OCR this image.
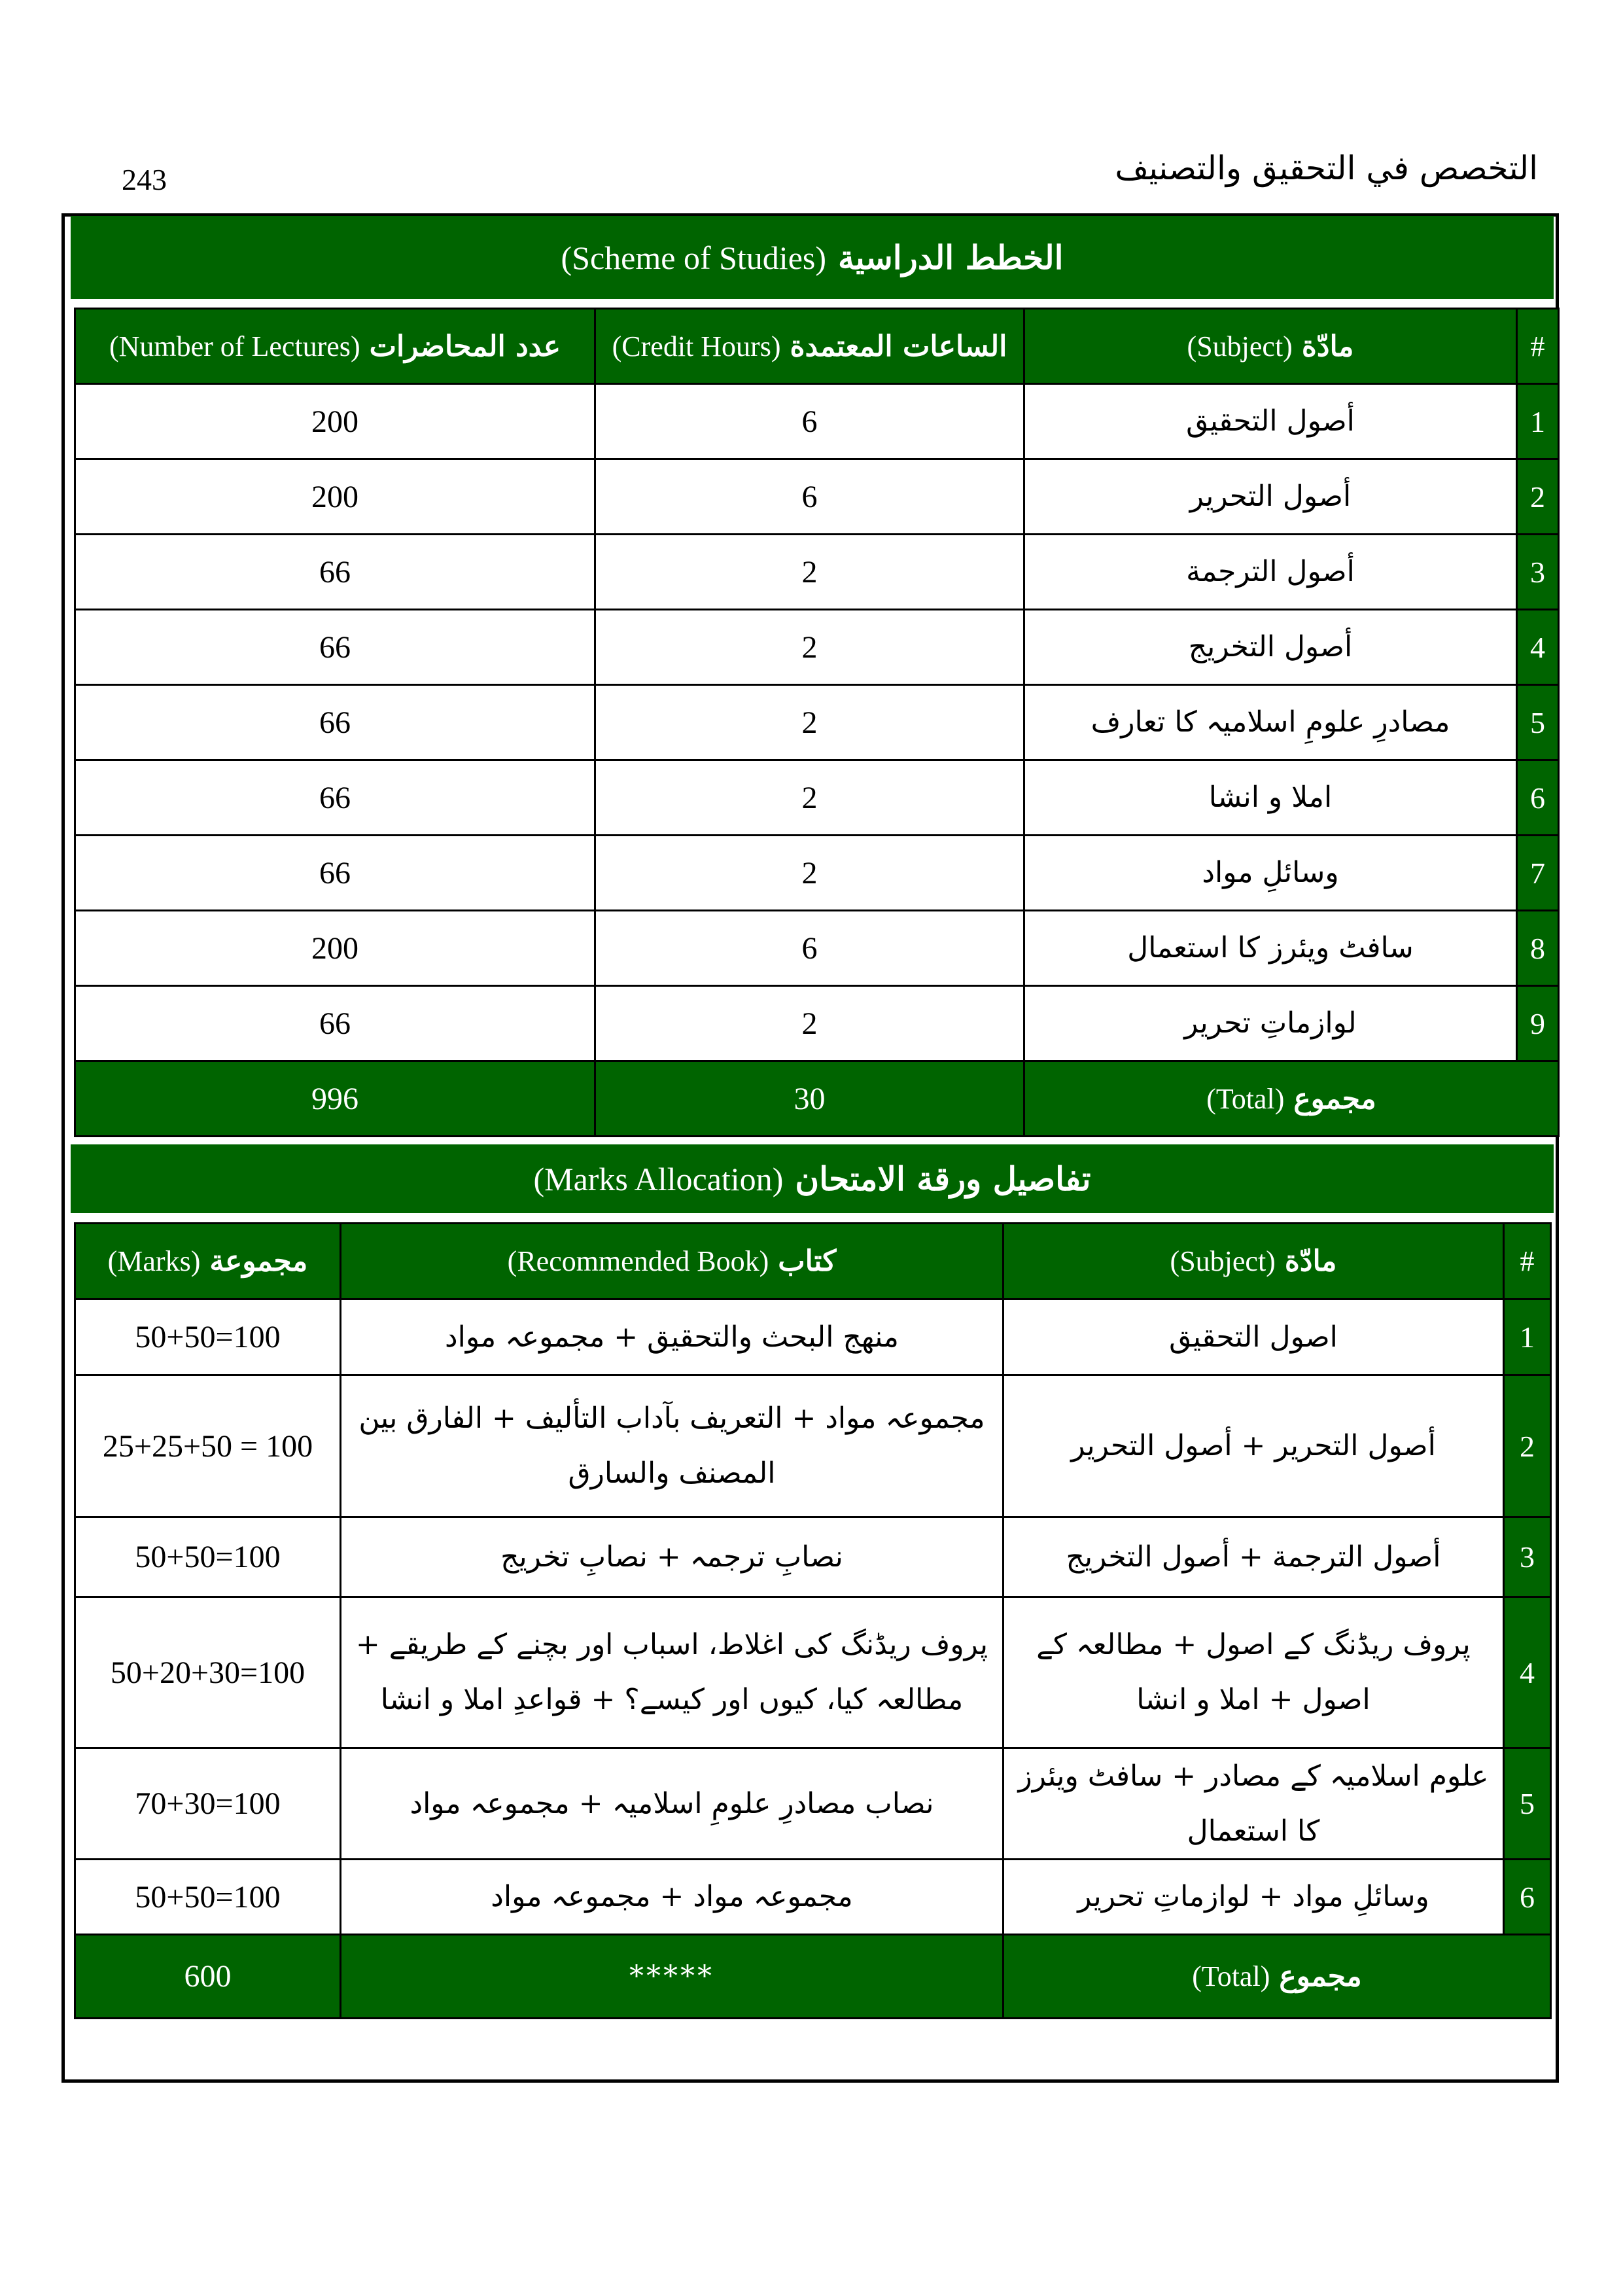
243	التخصص في التحقيق والتصنيف
الخطط الدراسية
(Scheme of Studies)
#	مادّة (Subject)	الساعات المعتمدة (Credit Hours)	عدد المحاضرات (Number of Lectures)
1	أصول التحقيق	6	200
2	أصول التحرير	6	200
3	أصول الترجمة	2	66
4	أصول التخريج	2	66
5	مصادرِ علومِ اسلامیہ کا تعارف	2	66
6	املا و انشا	2	66
7	وسائلِ مواد	2	66
8	سافٹ ویئرز کا استعمال	6	200
9	لوازماتِ تحریر	2	66
مجموع (Total)		30	996
تفاصيل ورقة الامتحان
(Marks Allocation)
#	مادّة (Subject)	كتاب (Recommended Book)	مجموعة (Marks)
1	اصول التحقیق	منهج البحث والتحقيق + مجموعہ مواد	100=50+50
2	أصول التحرير + أصول التحرير	مجموعہ مواد + التعريف بآداب التأليف + الفارق بين المصنف والسارق	100 = 25+25+50
3	أصول الترجمة + أصول التخريج	نصابِ ترجمہ + نصابِ تخریج	100=50+50
4	پروف ریڈنگ کے اصول + مطالعہ کے اصول + املا و انشا	پروف ریڈنگ کی اغلاط، اسباب اور بچنے کے طریقے + مطالعہ کیا، کیوں اور کیسے؟ + قواعدِ املا و انشا	100=50+20+30
5	علوم اسلامیہ کے مصادر + سافٹ ویئرز کا استعمال	نصاب مصادرِ علومِ اسلامیہ + مجموعہ مواد	100=70+30
6	وسائلِ مواد + لوازماتِ تحریر	مجموعہ مواد + مجموعہ مواد	100=50+50
مجموع (Total)		*****	600
